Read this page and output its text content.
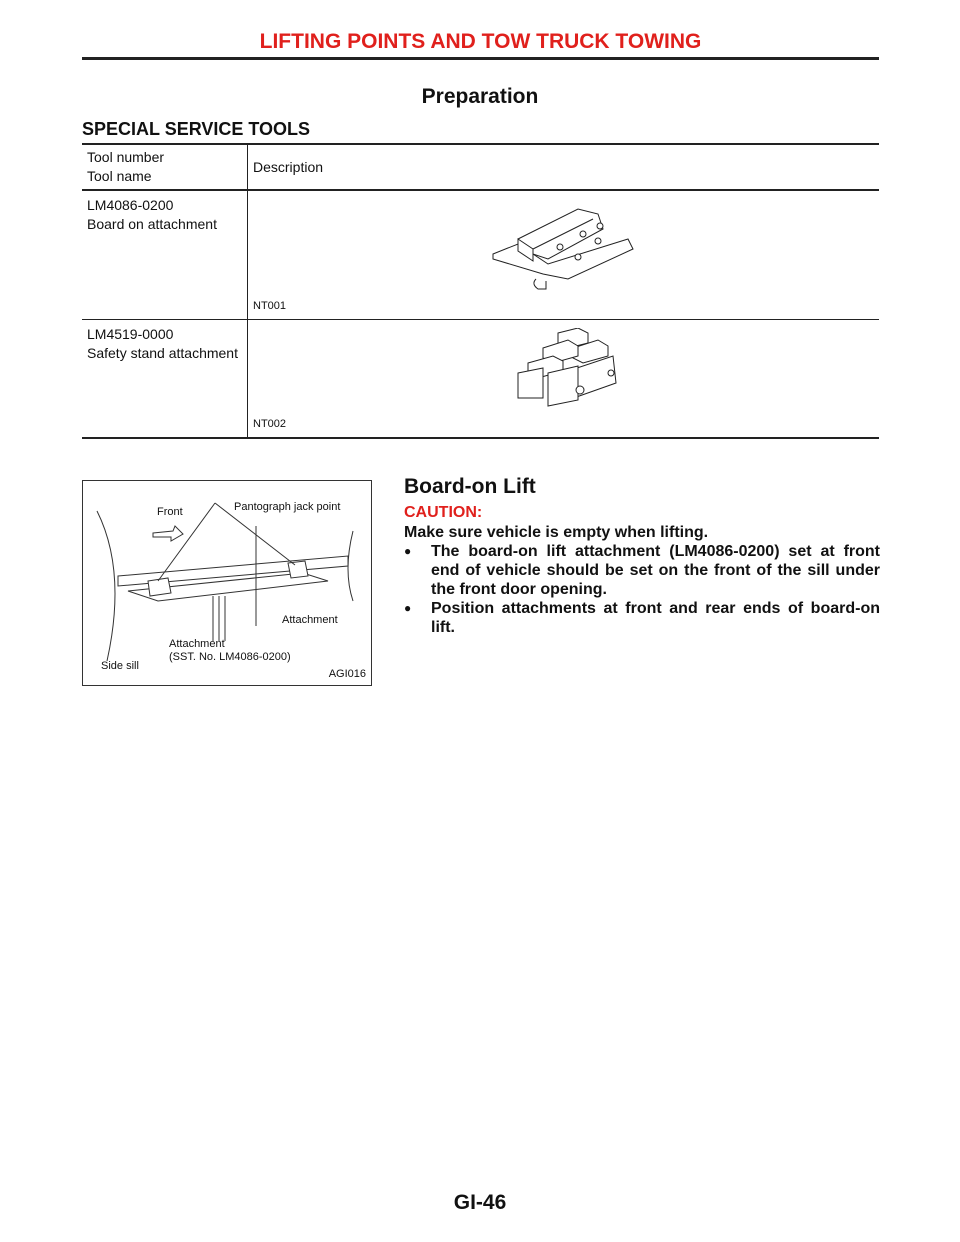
LIFTING POINTS AND TOW TRUCK TOWING
Preparation
SPECIAL SERVICE TOOLS
Tool number
Tool name	Description

LM4086-0200
Board on attachment	NT001

LM4519-0000
Safety stand attachment	NT002
Front	Pantograph jack point
Attachment
Attachment
(SST. No. LM4086-0200)
Side sill
AGI016
Board-on Lift
CAUTION:
Make sure vehicle is empty when lifting.
● The board-on lift attachment (LM4086-0200) set at front end of vehicle should be set on the front of the sill under the front door opening.
● Position attachments at front and rear ends of board-on lift.
GI-46
